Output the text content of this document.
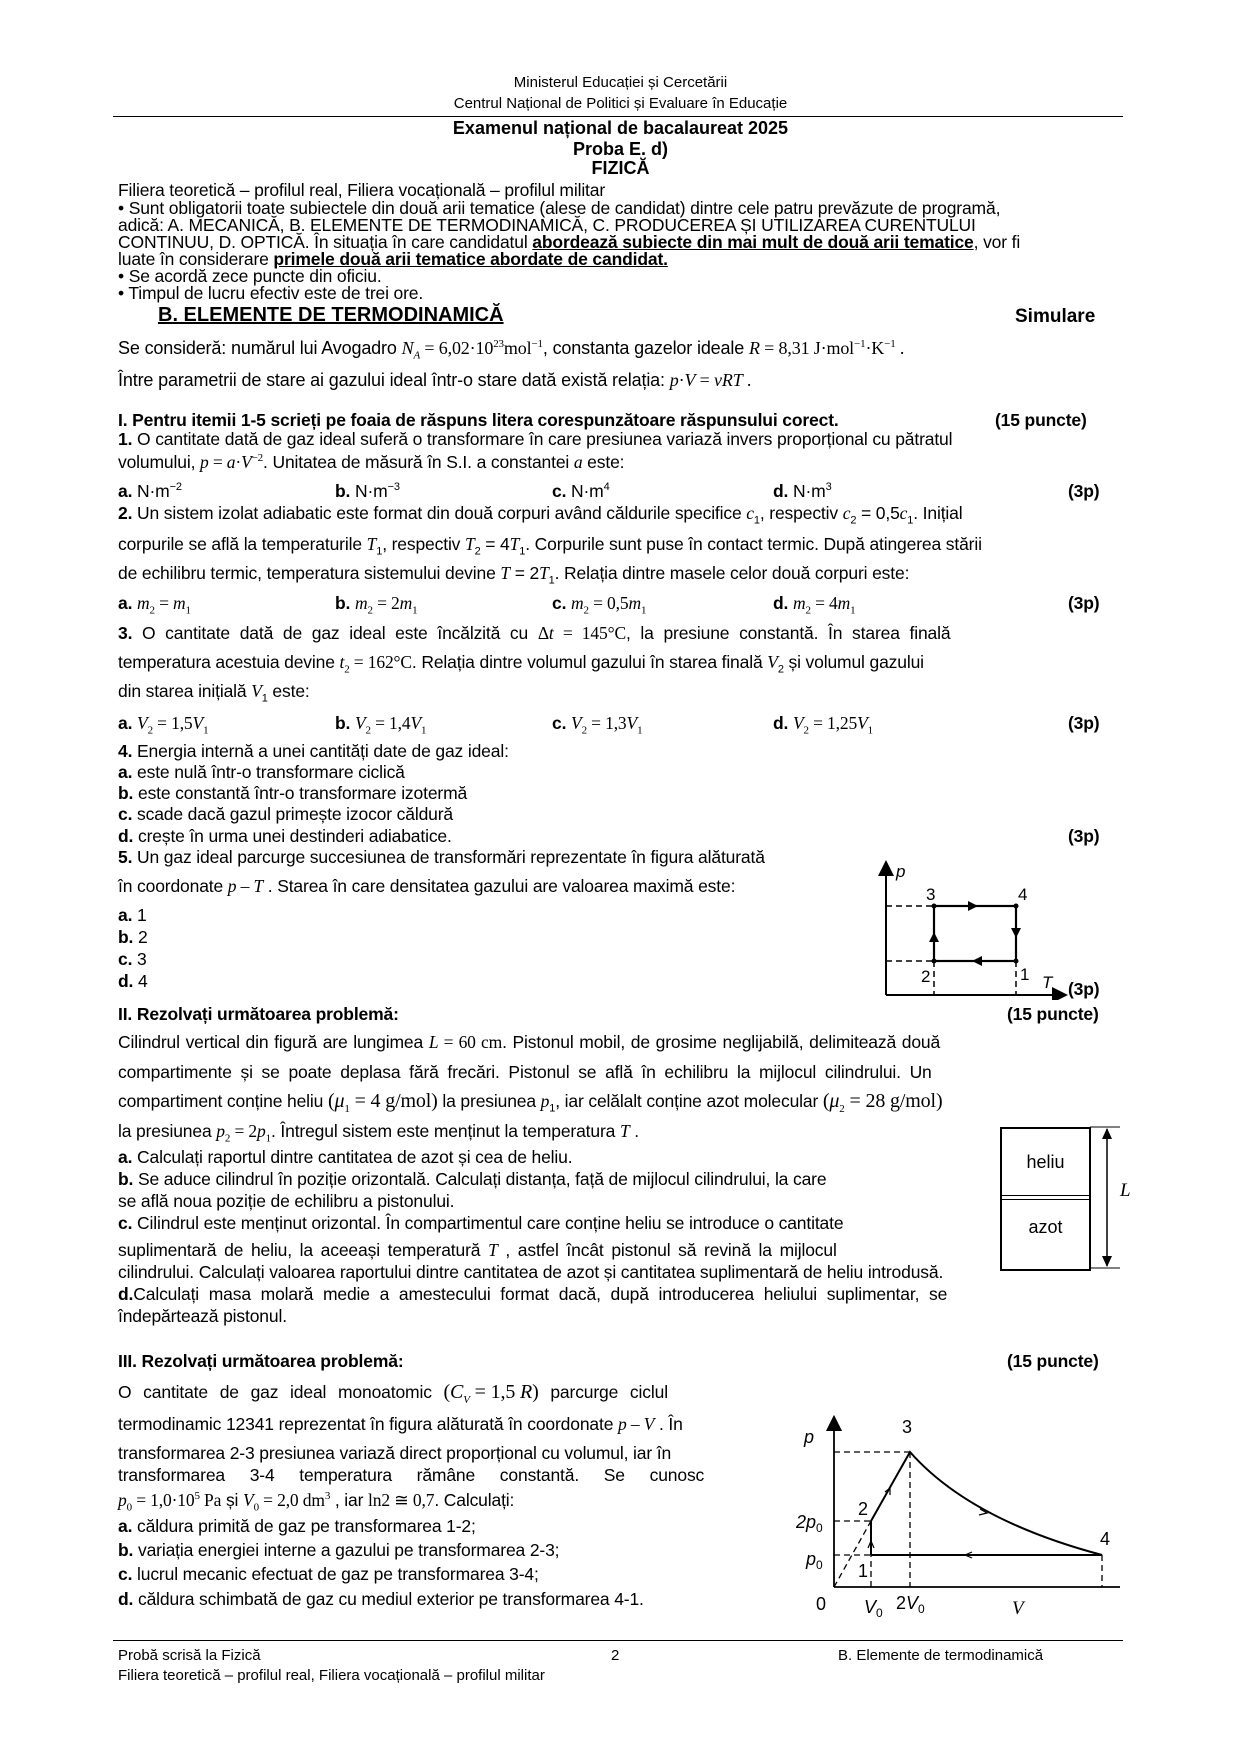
Ministerul Educației și Cercetării
Centrul Național de Politici și Evaluare în Educație
Examenul național de bacalaureat 2025
Proba E. d)
FIZICĂ
Filiera teoretică – profilul real, Filiera vocațională – profilul militar
• Sunt obligatorii toate subiectele din două arii tematice (alese de candidat) dintre cele patru prevăzute de programă,
adică: A. MECANICĂ, B. ELEMENTE DE TERMODINAMICĂ, C. PRODUCEREA ȘI UTILIZAREA CURENTULUI
CONTINUU, D. OPTICĂ. În situația în care candidatul abordează subiecte din mai mult de două arii tematice, vor fi
luate în considerare primele două arii tematice abordate de candidat.
• Se acordă zece puncte din oficiu.
• Timpul de lucru efectiv este de trei ore.
B. ELEMENTE DE TERMODINAMICĂ	Simulare
Se consideră: numărul lui Avogadro $N_A = 6,02\cdot 10^{23}mol^{-1}$, constanta gazelor ideale R = 8,31 $J\cdot mol^{-1}\cdot K^{-1}$ .
Între parametrii de stare ai gazului ideal într-o stare dată există relația: p·V = νRT .
I. Pentru itemii 1-5 scrieți pe foaia de răspuns litera corespunzătoare răspunsului corect.	(15 puncte)
1. O cantitate dată de gaz ideal suferă o transformare în care presiunea variază invers proporțional cu pătratul
volumului, $p = a\cdot V^{-2}$. Unitatea de măsură în S.I. a constantei a este:
a. $N\cdot m^{-2}$	b. $N\cdot m^{-3}$	c. $N\cdot m^4$	d. $N\cdot m^3$	(3p)
2. Un sistem izolat adiabatic este format din două corpuri având căldurile specifice $c_1$, respectiv $c_2 = 0,5c_1$. Inițial
corpurile se află la temperaturile $T_1$, respectiv $T_2 = 4T_1$. Corpurile sunt puse în contact termic. După atingerea stării
de echilibru termic, temperatura sistemului devine $T = 2T_1$. Relația dintre masele celor două corpuri este:
a. $m_2 = m_1$	b. $m_2 = 2m_1$	c. $m_2 = 0,5m_1$	d. $m_2 = 4m_1$	(3p)
3. O cantitate dată de gaz ideal este încălzită cu Δt = 145°C, la presiune constantă. În starea finală
temperatura acestuia devine $t_2 = 162^\circ C$. Relația dintre volumul gazului în starea finală $V_2$ și volumul gazului
din starea inițială $V_1$ este:
a. $V_2 = 1,5V_1$	b. $V_2 = 1,4V_1$	c. $V_2 = 1,3V_1$	d. $V_2 = 1,25V_1$	(3p)
4. Energia internă a unei cantități date de gaz ideal:
a. este nulă într-o transformare ciclică
b. este constantă într-o transformare izotermă
c. scade dacă gazul primește izocor căldură
d. crește în urma unei destinderi adiabatice.	(3p)
5. Un gaz ideal parcurge succesiunea de transformări reprezentate în figura alăturată
în coordonate p – T . Starea în care densitatea gazului are valoarea maximă este:
a. 1
b. 2
c. 3
d. 4	(3p)
p
T
3	4
2	1
II. Rezolvați următoarea problemă:	(15 puncte)
Cilindrul vertical din figură are lungimea L = 60 cm. Pistonul mobil, de grosime neglijabilă, delimitează două
compartimente și se poate deplasa fără frecări. Pistonul se află în echilibru la mijlocul cilindrului. Un
compartiment conține heliu ($\mu_1 = 4$ g/mol) la presiunea $p_1$, iar celălalt conține azot molecular ($\mu_2 = 28$ g/mol)
la presiunea $p_2 = 2p_1$. Întregul sistem este menținut la temperatura T .
a. Calculați raportul dintre cantitatea de azot și cea de heliu.
b. Se aduce cilindrul în poziție orizontală. Calculați distanța, față de mijlocul cilindrului, la care
se află noua poziție de echilibru a pistonului.
c. Cilindrul este menținut orizontal. În compartimentul care conține heliu se introduce o cantitate
suplimentară de heliu, la aceeași temperatură T , astfel încât pistonul să revină la mijlocul
cilindrului. Calculați valoarea raportului dintre cantitatea de azot și cantitatea suplimentară de heliu introdusă.
d.Calculați masa molară medie a amestecului format dacă, după introducerea heliului suplimentar, se
îndepărtează pistonul.
heliu
azot
L
III. Rezolvați următoarea problemă:	(15 puncte)
O cantitate de gaz ideal monoatomic ($C_V = 1,5$ R) parcurge ciclul
termodinamic 12341 reprezentat în figura alăturată în coordonate p – V . În
transformarea 2-3 presiunea variază direct proporțional cu volumul, iar în
transformarea 3-4 temperatura rămâne constantă. Se cunosc
$p_0 = 1,0\cdot 10^5$ Pa și $V_0 = 2,0$ $dm^3$ , iar ln2 ≅ 0,7. Calculați:
a. căldura primită de gaz pe transformarea 1-2;
b. variația energiei interne a gazului pe transformarea 2-3;
c. lucrul mecanic efectuat de gaz pe transformarea 3-4;
d. căldura schimbată de gaz cu mediul exterior pe transformarea 4-1.
p	3
2
4
1
$2p_0$
$p_0$
0 $V_0$ $2V_0$	V
Probă scrisă la Fizică	2	B. Elemente de termodinamică
Filiera teoretică – profilul real, Filiera vocațională – profilul militar
